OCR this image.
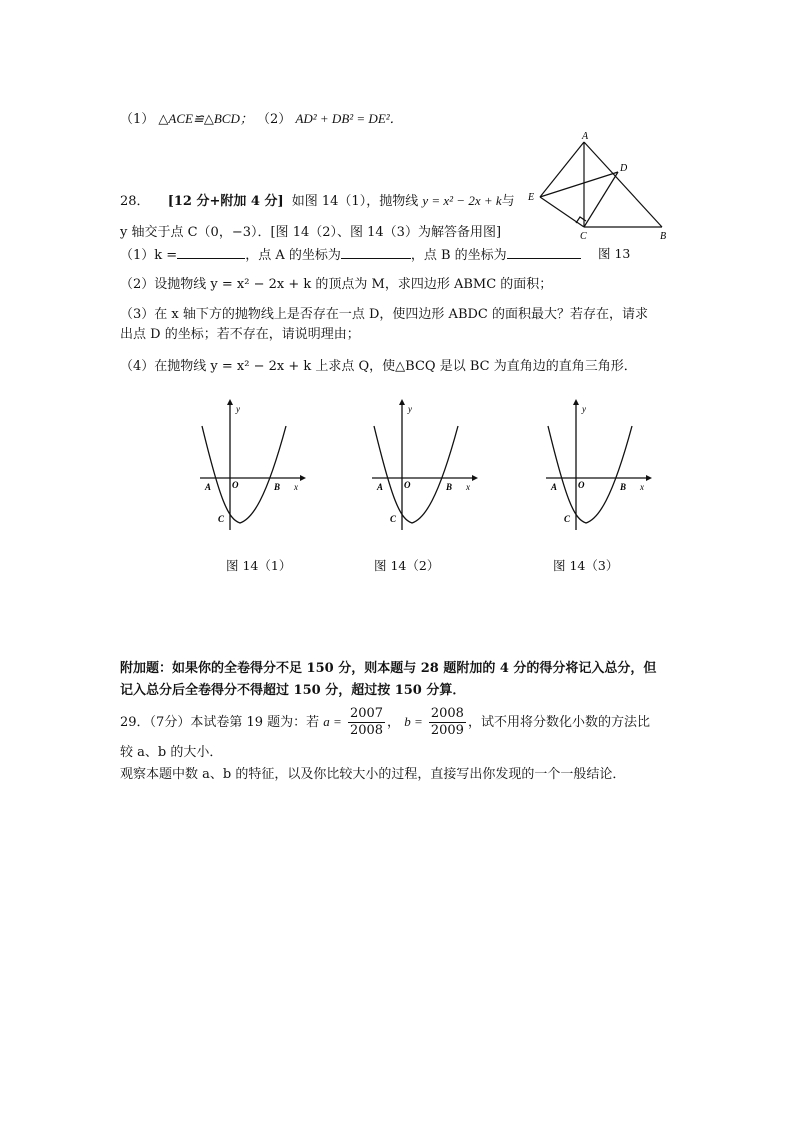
（1） △ACE≌△BCD； （2） AD² + DB² = DE²．
A
D
E
C	B
图 13
28． [12 分+附加 4 分] 如图 14（1），抛物线 y = x² − 2x + k与
y 轴交于点 C（0，−3）．[图 14（2）、图 14（3）为解答备用图]
（1）k =	，点 A 的坐标为	，点 B 的坐标为
（2）设抛物线 y = x² − 2x + k 的顶点为 M，求四边形 ABMC 的面积；
（3）在 x 轴下方的抛物线上是否存在一点 D，使四边形 ABDC 的面积最大？若存在，请求
出点 D 的坐标；若不存在，请说明理由；
（4）在抛物线 y = x² − 2x + k 上求点 Q，使△BCQ 是以 BC 为直角边的直角三角形．
y
x
A O	B
C
图 14（1）
y
x
A O	B
C
图 14（2）
y
x
A O	B
C
图 14（3）
附加题：如果你的全卷得分不足 150 分，则本题与 28 题附加的 4 分的得分将记入总分，但
记入总分后全卷得分不得超过 150 分，超过按 150 分算．
29．（7分）本试卷第 19 题为：若 $a = \frac{2007}{2008}$ ， $b = \frac{2008}{2009}$ ，试不用将分数化小数的方法比
较 a、b 的大小．
观察本题中数 a、b 的特征，以及你比较大小的过程，直接写出你发现的一个一般结论．
